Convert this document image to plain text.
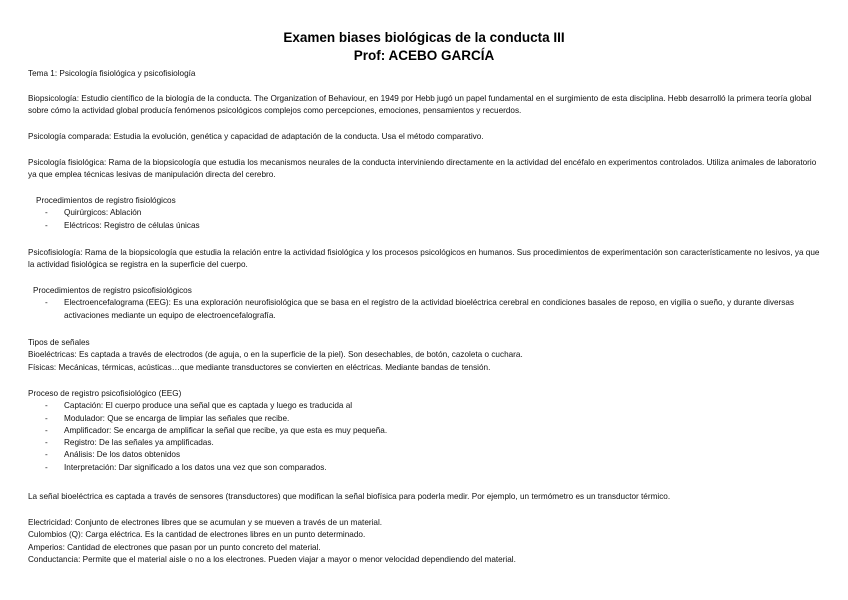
Examen biases biológicas de la conducta III
Prof: ACEBO GARCÍA
Tema 1: Psicología fisiológica y psicofisiología
Biopsicología: Estudio científico de la biología de la conducta. The Organization of Behaviour, en 1949 por Hebb jugó un papel fundamental en el surgimiento de esta disciplina. Hebb desarrolló la primera teoría global sobre cómo la actividad global producía fenómenos psicológicos complejos como percepciones, emociones, pensamientos y recuerdos.
Psicología comparada: Estudia la evolución, genética y capacidad de adaptación de la conducta. Usa el método comparativo.
Psicología fisiológica: Rama de la biopsicología que estudia los mecanismos neurales de la conducta interviniendo directamente en la actividad del encéfalo en experimentos controlados. Utiliza animales de laboratorio ya que emplea técnicas lesivas de manipulación directa del cerebro.
Procedimientos de registro fisiológicos
- Quirúrgicos: Ablación
- Eléctricos: Registro de células únicas
Psicofisiología: Rama de la biopsicología que estudia la relación entre la actividad fisiológica y los procesos psicológicos en humanos. Sus procedimientos de experimentación son característicamente no lesivos, ya que la actividad fisiológica se registra en la superficie del cuerpo.
Procedimientos de registro psicofisiológicos
- Electroencefalograma (EEG): Es una exploración neurofisiológica que se basa en el registro de la actividad bioeléctrica cerebral en condiciones basales de reposo, en vigilia o sueño, y durante diversas activaciones mediante un equipo de electroencefalografía.
Tipos de señales
Bioeléctricas: Es captada a través de electrodos (de aguja, o en la superficie de la piel). Son desechables, de botón, cazoleta o cuchara.
Físicas: Mecánicas, térmicas, acústicas…que mediante transductores se convierten en eléctricas. Mediante bandas de tensión.
Proceso de registro psicofisiológico (EEG)
- Captación: El cuerpo produce una señal que es captada y luego es traducida al
- Modulador: Que se encarga de limpiar las señales que recibe.
- Amplificador: Se encarga de amplificar la señal que recibe, ya que esta es muy pequeña.
- Registro: De las señales ya amplificadas.
- Análisis: De los datos obtenidos
- Interpretación: Dar significado a los datos una vez que son comparados.
La señal bioeléctrica es captada a través de sensores (transductores) que modifican la señal biofísica para poderla medir. Por ejemplo, un termómetro es un transductor térmico.
Electricidad: Conjunto de electrones libres que se acumulan y se mueven a través de un material.
Culombios (Q): Carga eléctrica. Es la cantidad de electrones libres en un punto determinado.
Amperios: Cantidad de electrones que pasan por un punto concreto del material.
Conductancia: Permite que el material aisle o no a los electrones. Pueden viajar a mayor o menor velocidad dependiendo del material.
